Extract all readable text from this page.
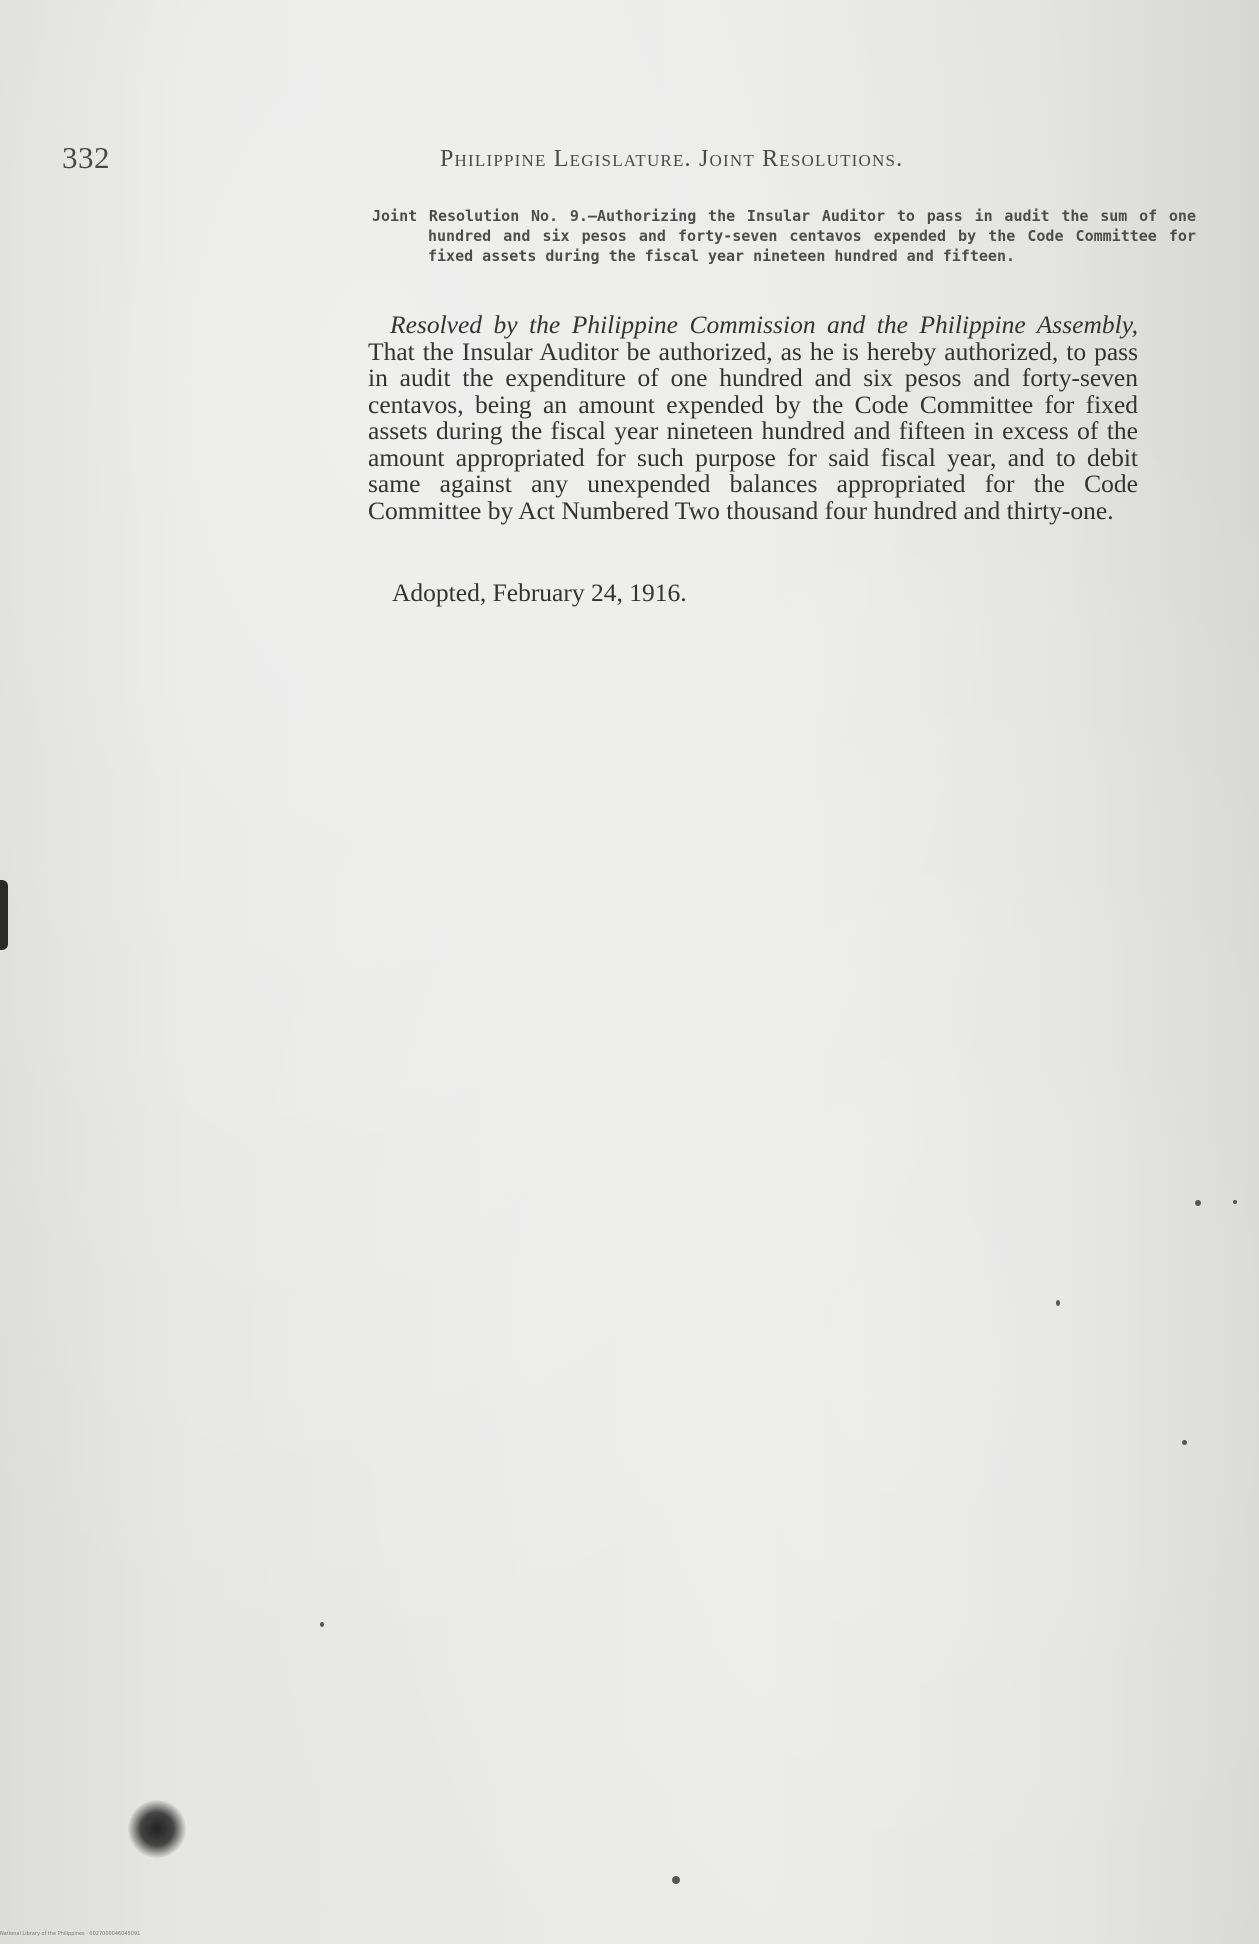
332	Philippine Legislature. Joint Resolutions.
Joint Resolution No. 9.—Authorizing the Insular Auditor to pass in audit the sum of one hundred and six pesos and forty-seven centavos expended by the Code Committee for fixed assets during the fiscal year nineteen hundred and fifteen.
Resolved by the Philippine Commission and the Philippine Assembly, That the Insular Auditor be authorized, as he is hereby authorized, to pass in audit the expenditure of one hundred and six pesos and forty-seven centavos, being an amount expended by the Code Committee for fixed assets during the fiscal year nineteen hundred and fifteen in excess of the amount appropriated for such purpose for said fiscal year, and to debit same against any unexpended balances appropriated for the Code Committee by Act Numbered Two thousand four hundred and thirty-one.
Adopted, February 24, 1916.
National Library of the Philippines · 0027000046045091
